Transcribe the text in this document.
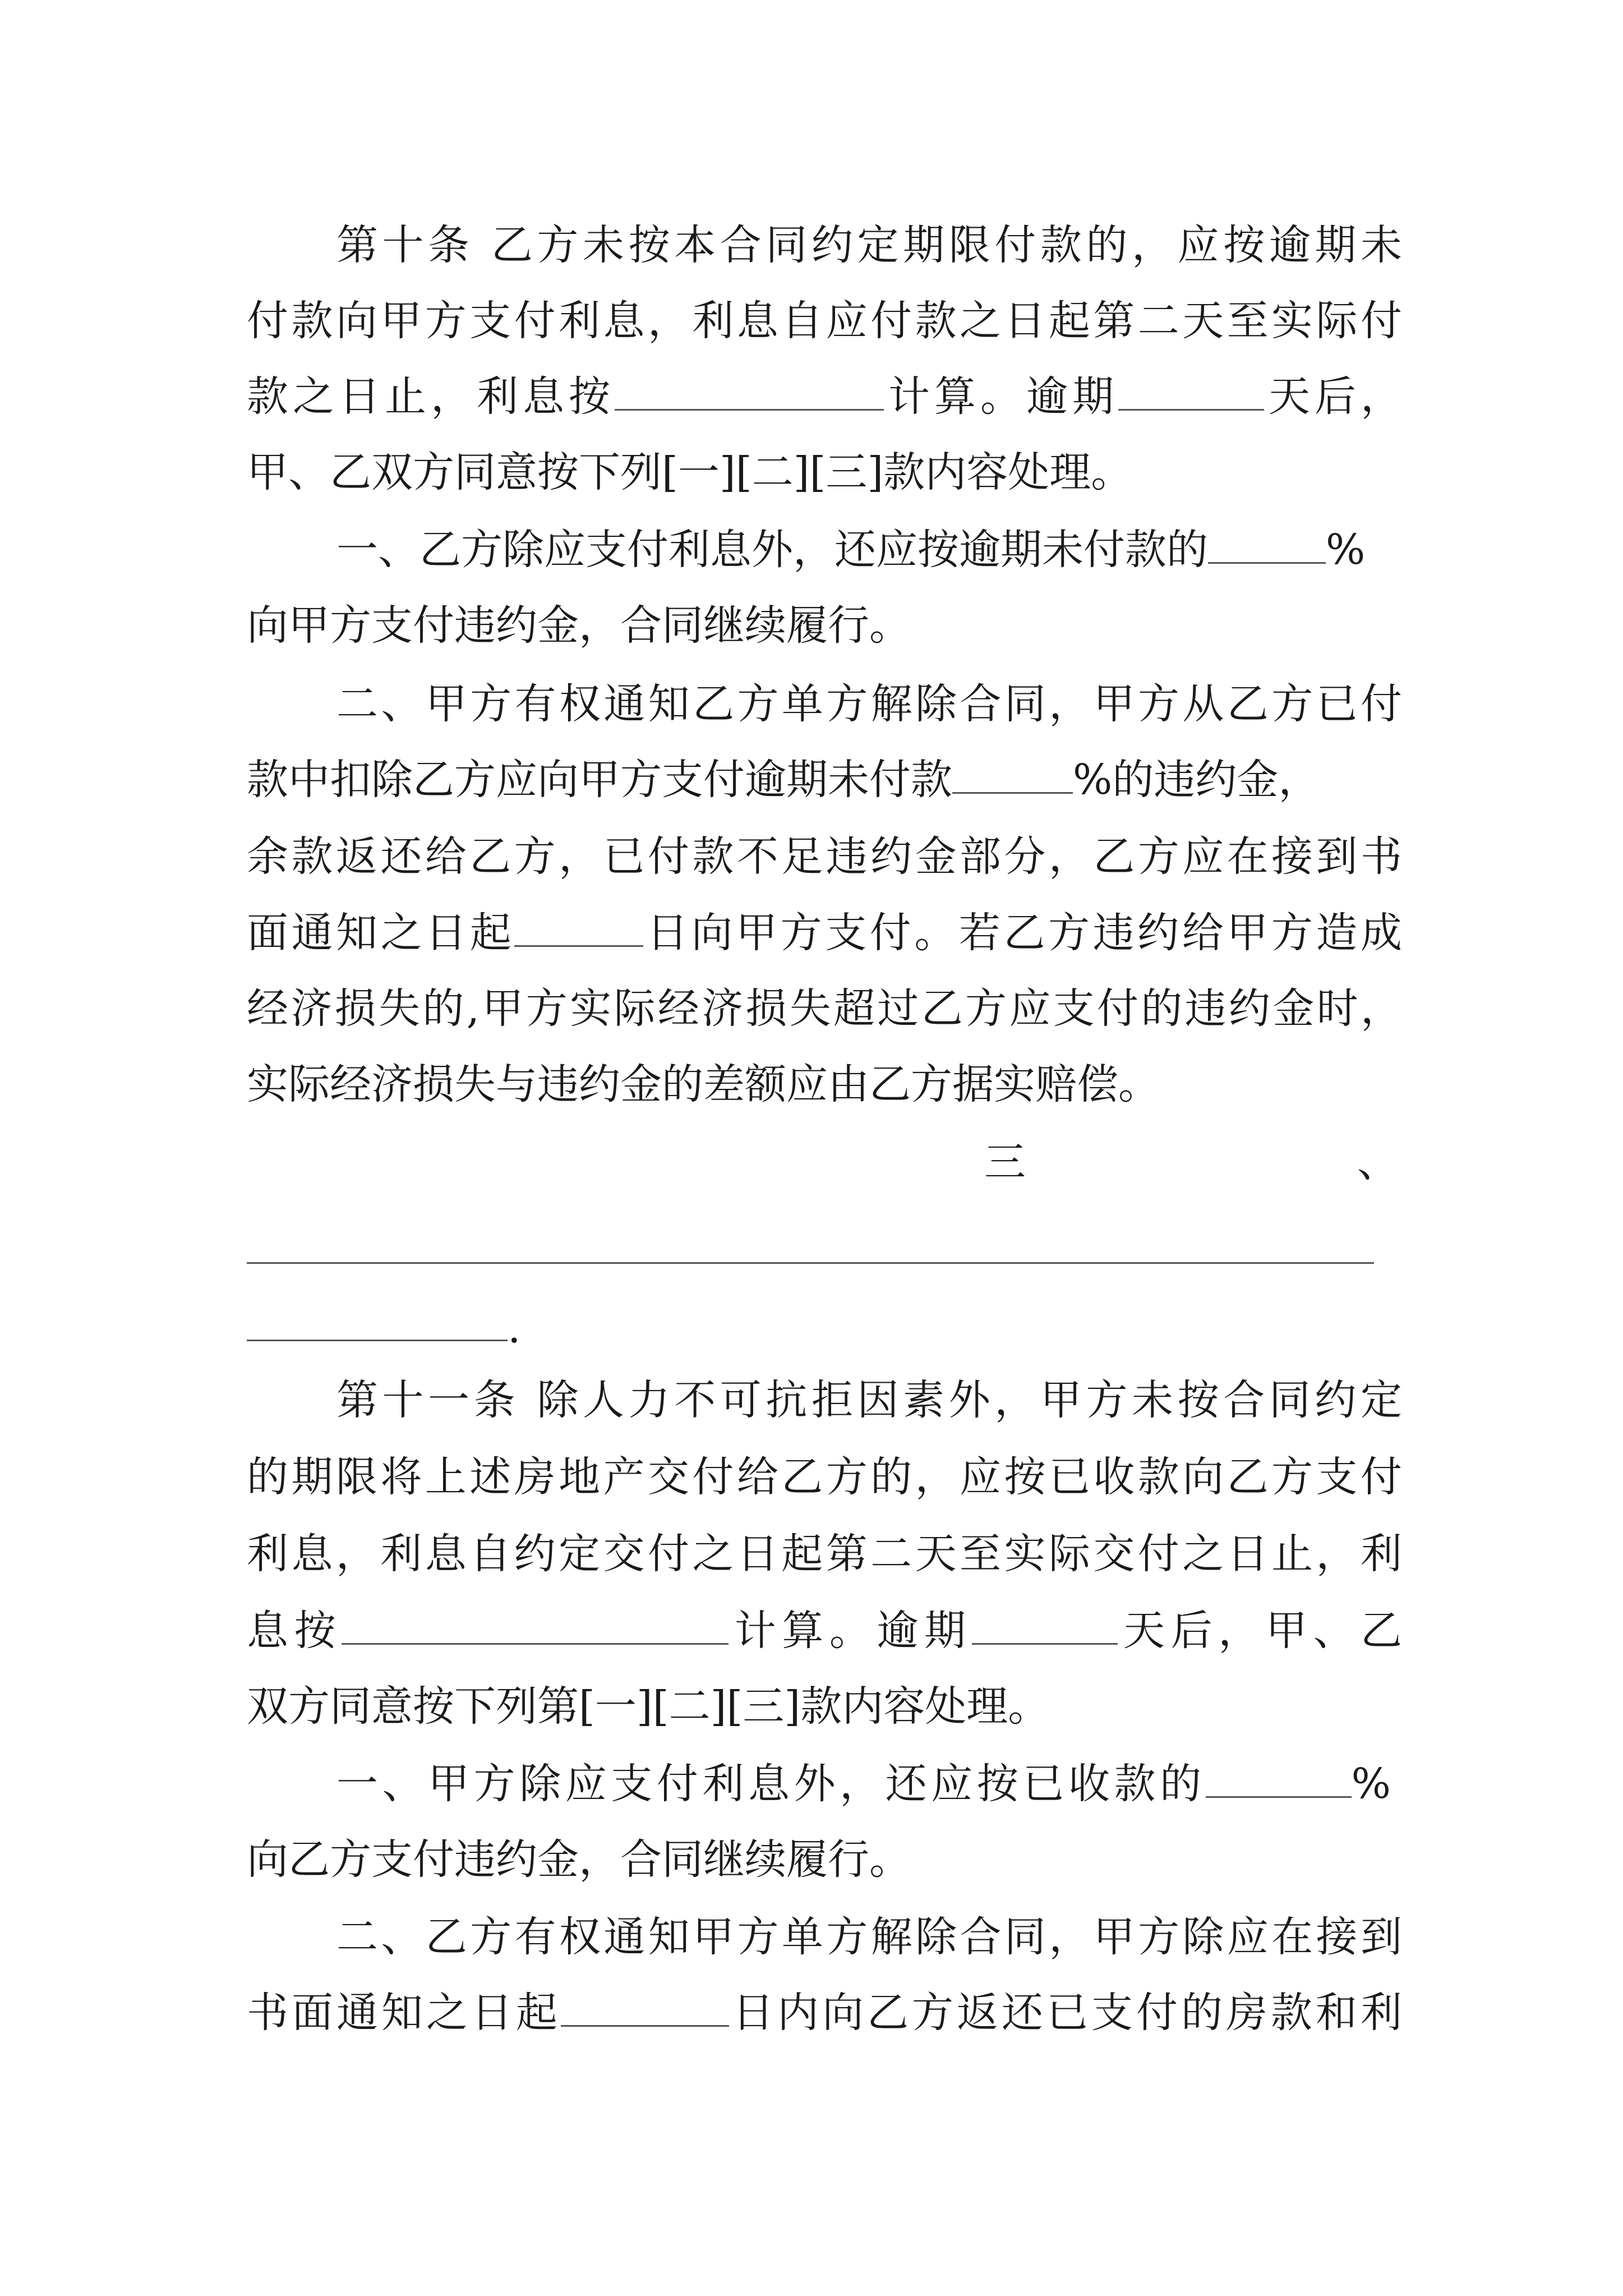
第十条 乙方未按本合同约定期限付款的，应按逾期未
付款向甲方支付利息，利息自应付款之日起第二天至实际付
款之日止，利息按	计算。逾期	天后，
甲、乙双方同意按下列[一][二][三]款内容处理。
一、乙方除应支付利息外，还应按逾期未付款的	%
向甲方支付违约金，合同继续履行。
二、甲方有权通知乙方单方解除合同，甲方从乙方已付
款中扣除乙方应向甲方支付逾期未付款	%的违约金，
余款返还给乙方，已付款不足违约金部分，乙方应在接到书
面通知之日起	日向甲方支付。若乙方违约给甲方造成
经济损失的,甲方实际经济损失超过乙方应支付的违约金时，
实际经济损失与违约金的差额应由乙方据实赔偿。
三	、
.
第十一条 除人力不可抗拒因素外，甲方未按合同约定
的期限将上述房地产交付给乙方的，应按已收款向乙方支付
利息，利息自约定交付之日起第二天至实际交付之日止，利
息按	计算。逾期	天后，甲、乙
双方同意按下列第[一][二][三]款内容处理。
一、甲方除应支付利息外，还应按已收款的	%
向乙方支付违约金，合同继续履行。
二、乙方有权通知甲方单方解除合同，甲方除应在接到
书面通知之日起	日内向乙方返还已支付的房款和利
